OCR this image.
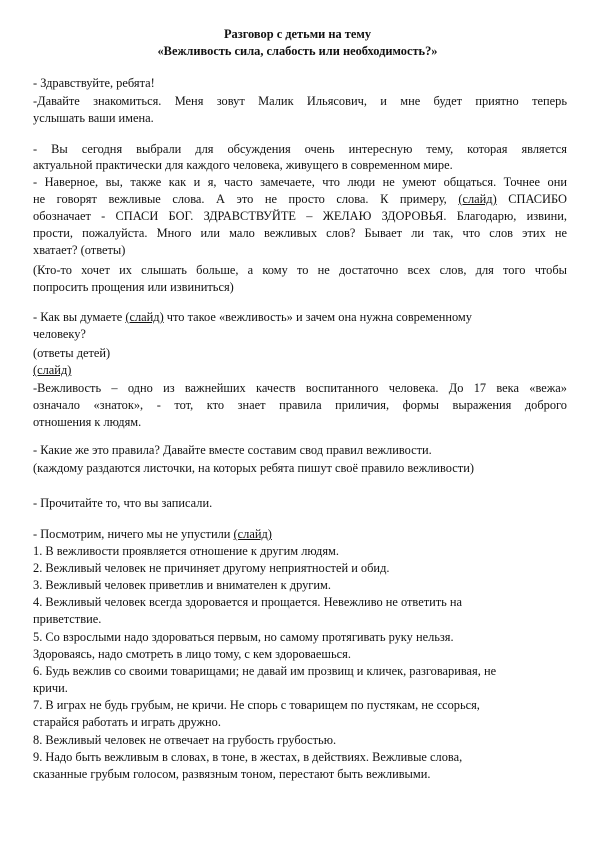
Разговор с детьми на тему

«Вежливость сила, слабость или необходимость?»

- Здравствуйте, ребята!

-Давайте знакомиться. Меня зовут Малик Ильясович, и мне будет приятно теперь

услышать ваши имена.

- Вы сегодня выбрали для обсуждения очень интересную тему, которая является

актуальной практически для каждого человека, живущего в современном мире.

- Наверное, вы, также как и я, часто замечаете, что люди не умеют общаться. Точнее они

не говорят вежливые слова. А это не просто слова. К примеру, (слайд) СПАСИБО

обозначает - СПАСИ БОГ. ЗДРАВСТВУЙТЕ – ЖЕЛАЮ ЗДОРОВЬЯ. Благодарю, извини,

прости, пожалуйста. Много или мало вежливых слов? Бывает ли так, что слов этих не

хватает? (ответы)

(Кто-то хочет их слышать больше, а кому то не достаточно всех слов, для того чтобы

попросить прощения или извиниться)

- Как вы думаете (слайд) что такое «вежливость» и зачем она нужна современному

человеку?

(ответы детей)

(слайд)

-Вежливость – одно из важнейших качеств воспитанного человека. До 17 века «вежа»

означало «знаток», - тот, кто знает правила приличия, формы выражения доброго

отношения к людям.

- Какие же это правила? Давайте вместе составим свод правил вежливости.

(каждому раздаются листочки, на которых ребята пишут своё правило вежливости)

- Прочитайте то, что вы записали.

- Посмотрим, ничего мы не упустили (слайд)

1. В вежливости проявляется отношение к другим людям.

2. Вежливый человек не причиняет другому неприятностей и обид.

3. Вежливый человек приветлив и внимателен к другим.

4. Вежливый человек всегда здоровается и прощается. Невежливо не ответить на

приветствие.

5. Со взрослыми надо здороваться первым, но самому протягивать руку нельзя.

Здороваясь, надо смотреть в лицо тому, с кем здороваешься.

6. Будь вежлив со своими товарищами; не давай им прозвищ и кличек, разговаривая, не

кричи.

7. В играх не будь грубым, не кричи. Не спорь с товарищем по пустякам, не ссорься,

старайся работать и играть дружно.

8. Вежливый человек не отвечает на грубость грубостью.

9. Надо быть вежливым в словах, в тоне, в жестах, в действиях. Вежливые слова,

сказанные грубым голосом, развязным тоном, перестают быть вежливыми.
